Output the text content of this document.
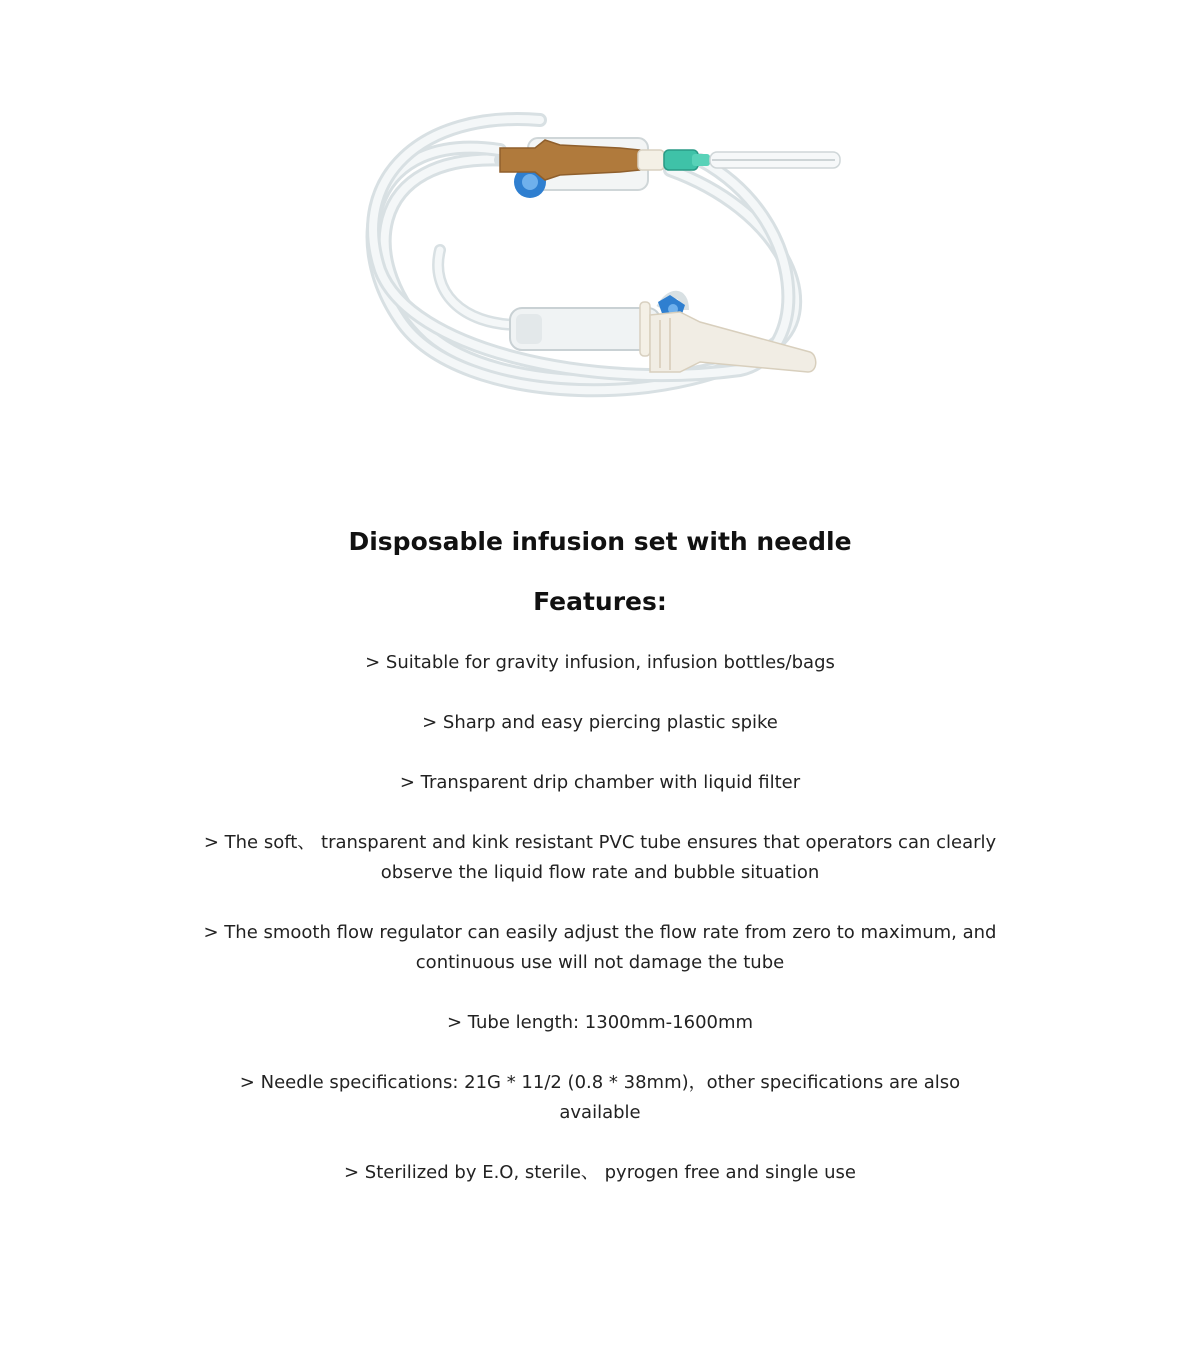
Disposable infusion set with needle
Features:
> Suitable for gravity infusion, infusion bottles/bags
> Sharp and easy piercing plastic spike
> Transparent drip chamber with liquid filter
> The soft、 transparent and kink resistant PVC tube ensures that operators can clearly observe the liquid flow rate and bubble situation
> The smooth flow regulator can easily adjust the flow rate from zero to maximum, and continuous use will not damage the tube
> Tube length: 1300mm-1600mm
> Needle specifications: 21G * 11/2 (0.8 * 38mm)，other specifications are also available
> Sterilized by E.O, sterile、 pyrogen free and single use
